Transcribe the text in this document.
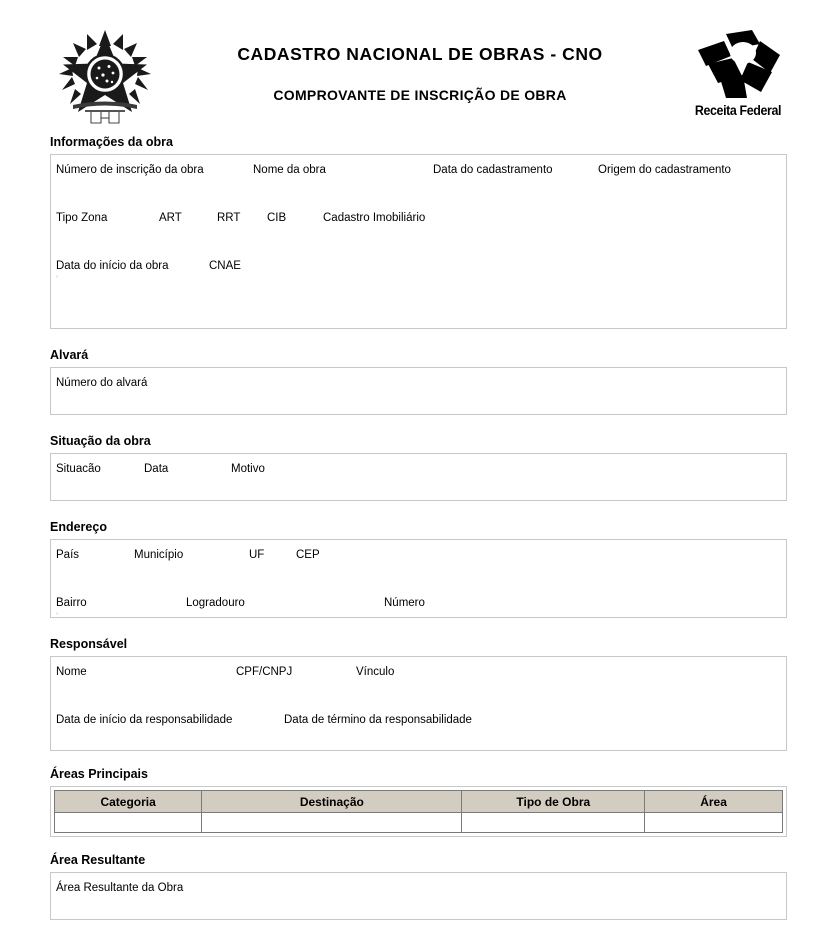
CADASTRO NACIONAL DE OBRAS - CNO
COMPROVANTE DE INSCRIÇÃO DE OBRA
Receita Federal
Informações da obra
Número de inscrição da obra	Nome da obra	Data do cadastramento	Origem do cadastramento
Tipo Zona	ART	RRT CIB	Cadastro Imobiliário
Data do início da obra	CNAE
'
Alvará
Número do alvará
Situação da obra
Situacão	Data	Motivo
Endereço
País	Município	UF	CEP
Bairro	Logradouro	Número
'
Responsável
Nome	CPF/CNPJ	Vínculo
Data de início da responsabilidade	Data de término da responsabilidade
Áreas Principais
Categoria	Destinação	Tipo de Obra	Área

Área Resultante
Área Resultante da Obra
